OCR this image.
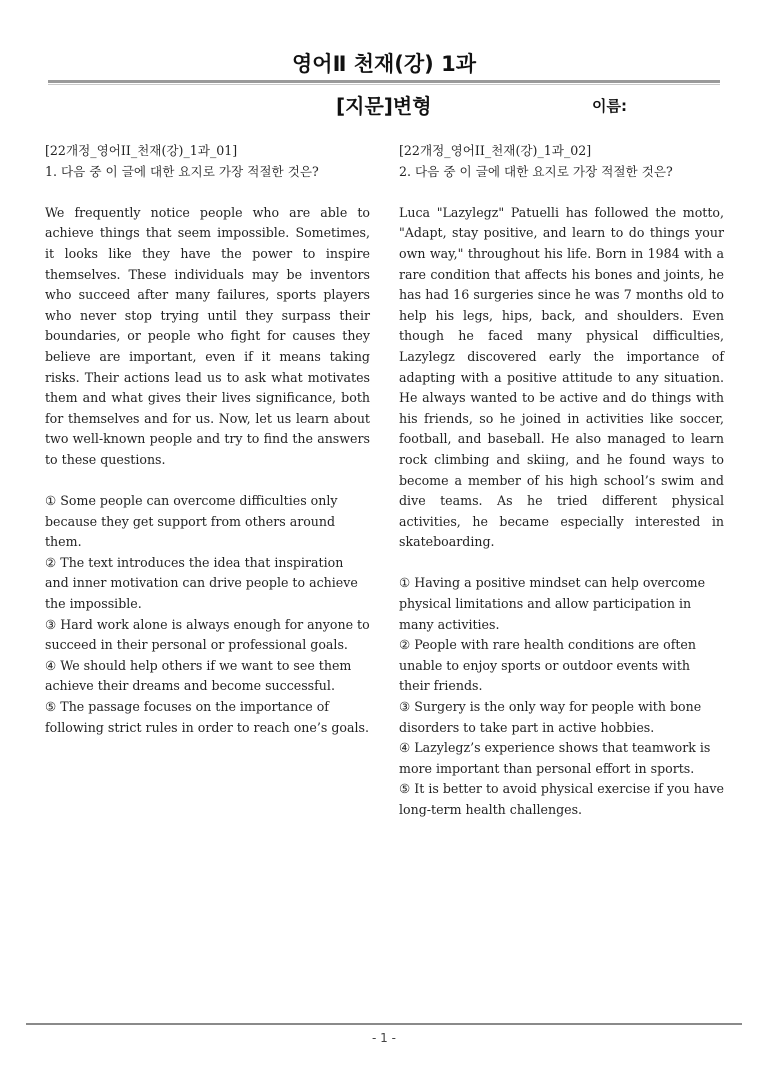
영어Ⅱ 천재(강) 1과
[지문]변형	이름:
[22개정_영어II_천재(강)_1과_01]
1. 다음 중 이 글에 대한 요지로 가장 적절한 것은?
We frequently notice people who are able to achieve things that seem impossible. Sometimes, it looks like they have the power to inspire themselves. These individuals may be inventors who succeed after many failures, sports players who never stop trying until they surpass their boundaries, or people who fight for causes they believe are important, even if it means taking risks. Their actions lead us to ask what motivates them and what gives their lives significance, both for themselves and for us. Now, let us learn about two well-known people and try to find the answers to these questions.
① Some people can overcome difficulties only because they get support from others around them.
② The text introduces the idea that inspiration and inner motivation can drive people to achieve the impossible.
③ Hard work alone is always enough for anyone to succeed in their personal or professional goals.
④ We should help others if we want to see them achieve their dreams and become successful.
⑤ The passage focuses on the importance of following strict rules in order to reach one’s goals.
[22개정_영어II_천재(강)_1과_02]
2. 다음 중 이 글에 대한 요지로 가장 적절한 것은?
Luca "Lazylegz" Patuelli has followed the motto, "Adapt, stay positive, and learn to do things your own way," throughout his life. Born in 1984 with a rare condition that affects his bones and joints, he has had 16 surgeries since he was 7 months old to help his legs, hips, back, and shoulders. Even though he faced many physical difficulties, Lazylegz discovered early the importance of adapting with a positive attitude to any situation. He always wanted to be active and do things with his friends, so he joined in activities like soccer, football, and baseball. He also managed to learn rock climbing and skiing, and he found ways to become a member of his high school’s swim and dive teams. As he tried different physical activities, he became especially interested in skateboarding.
① Having a positive mindset can help overcome physical limitations and allow participation in many activities.
② People with rare health conditions are often unable to enjoy sports or outdoor events with their friends.
③ Surgery is the only way for people with bone disorders to take part in active hobbies.
④ Lazylegz’s experience shows that teamwork is more important than personal effort in sports.
⑤ It is better to avoid physical exercise if you have long-term health challenges.
- 1 -
